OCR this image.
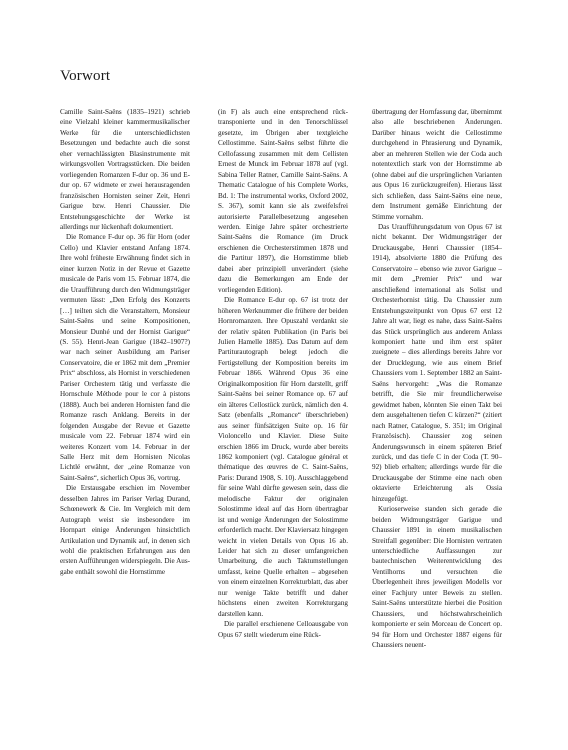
Vorwort

Camille Saint-Saëns (1835–1921) schrieb eine Vielzahl kleiner kammermusikalischer Werke für die unterschiedlichsten Besetzungen und bedachte auch die sonst eher vernachlässigten Blasinstrumente mit wirkungsvollen Vortragsstücken. Die beiden vorliegenden Romanzen F-dur op. 36 und E-dur op. 67 widmete er zwei herausragenden französischen Hornisten seiner Zeit, Henri Garigue bzw. Henri Chaussier. Die Entstehungsgeschichte der Werke ist allerdings nur lückenhaft dokumentiert.

Die Romance F-dur op. 36 für Horn (oder Cello) und Klavier entstand Anfang 1874. Ihre wohl früheste Erwähnung findet sich in einer kurzen Notiz in der Revue et Gazette musicale de Paris vom 15. Februar 1874, die die Uraufführung durch den Widmungsträger vermuten lässt: „Den Erfolg des Konzerts […] teilten sich die Veranstaltern, Monsieur Saint-Saëns und seine Kompositionen, Monsieur Dunhé und der Hornist Garigue“ (S. 55). Henri-Jean Garigue (1842–1907?) war nach seiner Ausbildung am Pariser Conservatoire, die er 1862 mit dem „Premier Prix“ abschloss, als Hornist in verschiedenen Pariser Orchestern tätig und verfasste die Hornschule Méthode pour le cor à pistons (1888). Auch bei anderen Hornisten fand die Romanze rasch Anklang. Bereits in der folgenden Ausgabe der Revue et Gazette musicale vom 22. Februar 1874 wird ein weiteres Konzert vom 14. Februar in der Salle Herz mit dem Hornisten Nicolas Lichtlé erwähnt, der „eine Romanze von Saint-Saëns“, sicherlich Opus 36, vortrug.

Die Erstausgabe erschien im November desselben Jahres im Pariser Verlag Durand, Schœnewerk & Cie. Im Vergleich mit dem Autograph weist sie insbesondere im Hornpart einige Änderungen hinsichtlich Artikulation und Dynamik auf, in denen sich wohl die praktischen Erfahrungen aus den ersten Aufführungen widerspiegeln. Die Ausgabe enthält sowohl die Hornstimme

(in F) als auch eine entsprechend rücktransponierte und in den Tenorschlüssel gesetzte, im Übrigen aber textgleiche Cellostimme. Saint-Saëns selbst führte die Cellofassung zusammen mit dem Cellisten Ernest de Munck im Februar 1878 auf (vgl. Sabina Teller Ratner, Camille Saint-Saëns. A Thematic Catalogue of his Complete Works, Bd. 1: The instrumental works, Oxford 2002, S. 367), somit kann sie als zweifelsfrei autorisierte Parallelbesetzung angesehen werden. Einige Jahre später orchestrierte Saint-Saëns die Romance (im Druck erschienen die Orchesterstimmen 1878 und die Partitur 1897), die Hornstimme blieb dabei aber prinzipiell unverändert (siehe dazu die Bemerkungen am Ende der vorliegenden Edition).

Die Romance E-dur op. 67 ist trotz der höheren Werknummer die frühere der beiden Hornromanzen. Ihre Opuszahl verdankt sie der relativ späten Publikation (in Paris bei Julien Hamelle 1885). Das Datum auf dem Partiturautograph belegt jedoch die Fertigstellung der Komposition bereits im Februar 1866. Während Opus 36 eine Originalkomposition für Horn darstellt, griff Saint-Saëns bei seiner Romance op. 67 auf ein älteres Cellostück zurück, nämlich den 4. Satz (ebenfalls „Romance“ überschrieben) aus seiner fünfsätzigen Suite op. 16 für Violoncello und Klavier. Diese Suite erschien 1866 im Druck, wurde aber bereits 1862 komponiert (vgl. Catalogue général et thématique des œuvres de C. Saint-Saëns, Paris: Durand 1908, S. 10). Ausschlaggebend für seine Wahl dürfte gewesen sein, dass die melodische Faktur der originalen Solostimme ideal auf das Horn übertragbar ist und wenige Änderungen der Solostimme erforderlich macht. Der Klaviersatz hingegen weicht in vielen Details von Opus 16 ab. Leider hat sich zu dieser umfangreichen Umarbeitung, die auch Taktumstellungen umfasst, keine Quelle erhalten – abgesehen von einem einzelnen Korrekturblatt, das aber nur wenige Takte betrifft und daher höchstens einen zweiten Korrekturgang darstellen kann.

Die parallel erschienene Celloausgabe von Opus 67 stellt wiederum eine Rück-

übertragung der Hornfassung dar, übernimmt also alle beschriebenen Änderungen. Darüber hinaus weicht die Cellostimme durchgehend in Phrasierung und Dynamik, aber an mehreren Stellen wie der Coda auch notentextlich stark von der Hornstimme ab (ohne dabei auf die ursprünglichen Varianten aus Opus 16 zurückzugreifen). Hieraus lässt sich schließen, dass Saint-Saëns eine neue, dem Instrument gemäße Einrichtung der Stimme vornahm.

Das Uraufführungsdatum von Opus 67 ist nicht bekannt. Der Widmungsträger der Druckausgabe, Henri Chaussier (1854–1914), absolvierte 1880 die Prüfung des Conservatoire – ebenso wie zuvor Garigue – mit dem „Premier Prix“ und war anschließend international als Solist und Orchesterhornist tätig. Da Chaussier zum Entstehungszeitpunkt von Opus 67 erst 12 Jahre alt war, liegt es nahe, dass Saint-Saëns das Stück ursprünglich aus anderem Anlass komponiert hatte und ihm erst später zueignete – dies allerdings bereits Jahre vor der Drucklegung, wie aus einem Brief Chaussiers vom 1. September 1882 an Saint-Saëns hervorgeht: „Was die Romanze betrifft, die Sie mir freundlicherweise gewidmet haben, könnten Sie einen Takt bei dem ausgehaltenen tiefen C kürzen?“ (zitiert nach Ratner, Catalogue, S. 351; im Original Französisch). Chaussier zog seinen Änderungswunsch in einem späteren Brief zurück, und das tiefe C in der Coda (T. 90–92) blieb erhalten; allerdings wurde für die Druckausgabe der Stimme eine nach oben oktavierte Erleichterung als Ossia hinzugefügt.

Kurioserweise standen sich gerade die beiden Widmungsträger Garigue und Chaussier 1891 in einem musikalischen Streitfall gegenüber: Die Hornisten vertraten unterschiedliche Auffassungen zur bautechnischen Weiterentwicklung des Ventilhorns und versuchten die Überlegenheit ihres jeweiligen Modells vor einer Fachjury unter Beweis zu stellen. Saint-Saëns unterstützte hierbei die Position Chaussiers, und höchstwahrscheinlich komponierte er sein Morceau de Concert op. 94 für Horn und Orchester 1887 eigens für Chaussiers neuent-
